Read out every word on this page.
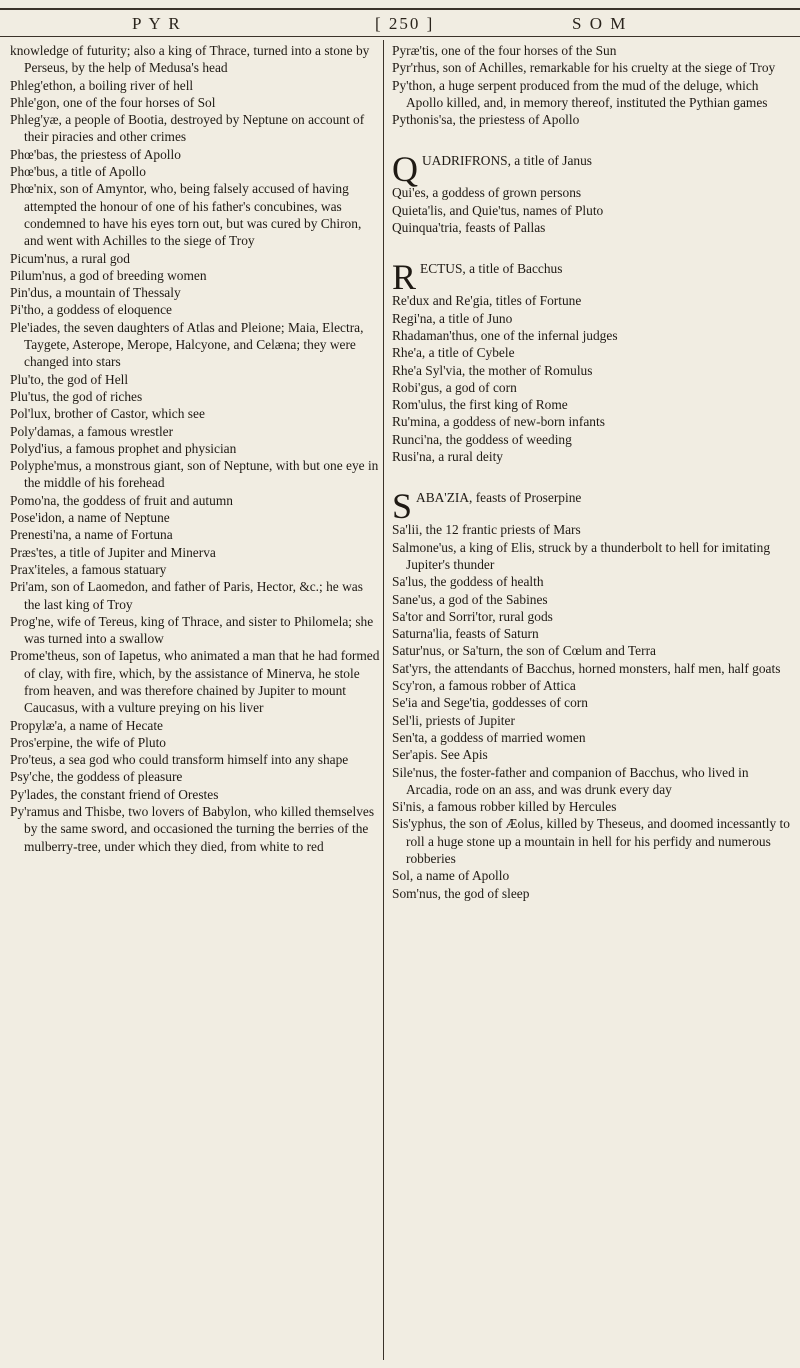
P Y R	[ 250 ]	S O M

knowledge of futurity; also a king of Thrace, turned into a stone by Perseus, by the help of Medusa's head

Phleg'ethon, a boiling river of hell

Phle'gon, one of the four horses of Sol

Phleg'yæ, a people of Bootia, destroyed by Neptune on account of their piracies and other crimes

Phœ'bas, the priestess of Apollo

Phœ'bus, a title of Apollo

Phœ'nix, son of Amyntor, who, being falsely accused of having attempted the honour of one of his father's concubines, was condemned to have his eyes torn out, but was cured by Chiron, and went with Achilles to the siege of Troy

Picum'nus, a rural god

Pilum'nus, a god of breeding women

Pin'dus, a mountain of Thessaly

Pi'tho, a goddess of eloquence

Ple'iades, the seven daughters of Atlas and Pleione; Maia, Electra, Taygete, Asterope, Merope, Halcyone, and Celæna; they were changed into stars

Plu'to, the god of Hell

Plu'tus, the god of riches

Pol'lux, brother of Castor, which see

Poly'damas, a famous wrestler

Polyd'ius, a famous prophet and physician

Polyphe'mus, a monstrous giant, son of Neptune, with but one eye in the middle of his forehead

Pomo'na, the goddess of fruit and autumn

Pose'idon, a name of Neptune

Prenesti'na, a name of Fortuna

Præs'tes, a title of Jupiter and Minerva

Prax'iteles, a famous statuary

Pri'am, son of Laomedon, and father of Paris, Hector, &c.; he was the last king of Troy

Prog'ne, wife of Tereus, king of Thrace, and sister to Philomela; she was turned into a swallow

Prome'theus, son of Iapetus, who animated a man that he had formed of clay, with fire, which, by the assistance of Minerva, he stole from heaven, and was therefore chained by Jupiter to mount Caucasus, with a vulture preying on his liver

Propylæ'a, a name of Hecate

Pros'erpine, the wife of Pluto

Pro'teus, a sea god who could transform himself into any shape

Psy'che, the goddess of pleasure

Py'lades, the constant friend of Orestes

Py'ramus and Thisbe, two lovers of Babylon, who killed themselves by the same sword, and occasioned the turning the berries of the mulberry-tree, under which they died, from white to red

Pyræ'tis, one of the four horses of the Sun

Pyr'rhus, son of Achilles, remarkable for his cruelty at the siege of Troy

Py'thon, a huge serpent produced from the mud of the deluge, which Apollo killed, and, in memory thereof, instituted the Pythian games

Pythonis'sa, the priestess of Apollo

QUADRIFRONS, a title of Janus

Qui'es, a goddess of grown persons

Quieta'lis, and Quie'tus, names of Pluto

Quinqua'tria, feasts of Pallas

RECTUS, a title of Bacchus

Re'dux and Re'gia, titles of Fortune

Regi'na, a title of Juno

Rhadaman'thus, one of the infernal judges

Rhe'a, a title of Cybele

Rhe'a Syl'via, the mother of Romulus

Robi'gus, a god of corn

Rom'ulus, the first king of Rome

Ru'mina, a goddess of new-born infants

Runci'na, the goddess of weeding

Rusi'na, a rural deity

SABA'ZIA, feasts of Proserpine

Sa'lii, the 12 frantic priests of Mars

Salmone'us, a king of Elis, struck by a thunderbolt to hell for imitating Jupiter's thunder

Sa'lus, the goddess of health

Sane'us, a god of the Sabines

Sa'tor and Sorri'tor, rural gods

Saturna'lia, feasts of Saturn

Satur'nus, or Sa'turn, the son of Cœlum and Terra

Sat'yrs, the attendants of Bacchus, horned monsters, half men, half goats

Scy'ron, a famous robber of Attica

Se'ia and Sege'tia, goddesses of corn

Sel'li, priests of Jupiter

Sen'ta, a goddess of married women

Ser'apis. See Apis

Sile'nus, the foster-father and companion of Bacchus, who lived in Arcadia, rode on an ass, and was drunk every day

Si'nis, a famous robber killed by Hercules

Sis'yphus, the son of Æolus, killed by Theseus, and doomed incessantly to roll a huge stone up a mountain in hell for his perfidy and numerous robberies

Sol, a name of Apollo

Som'nus, the god of sleep
